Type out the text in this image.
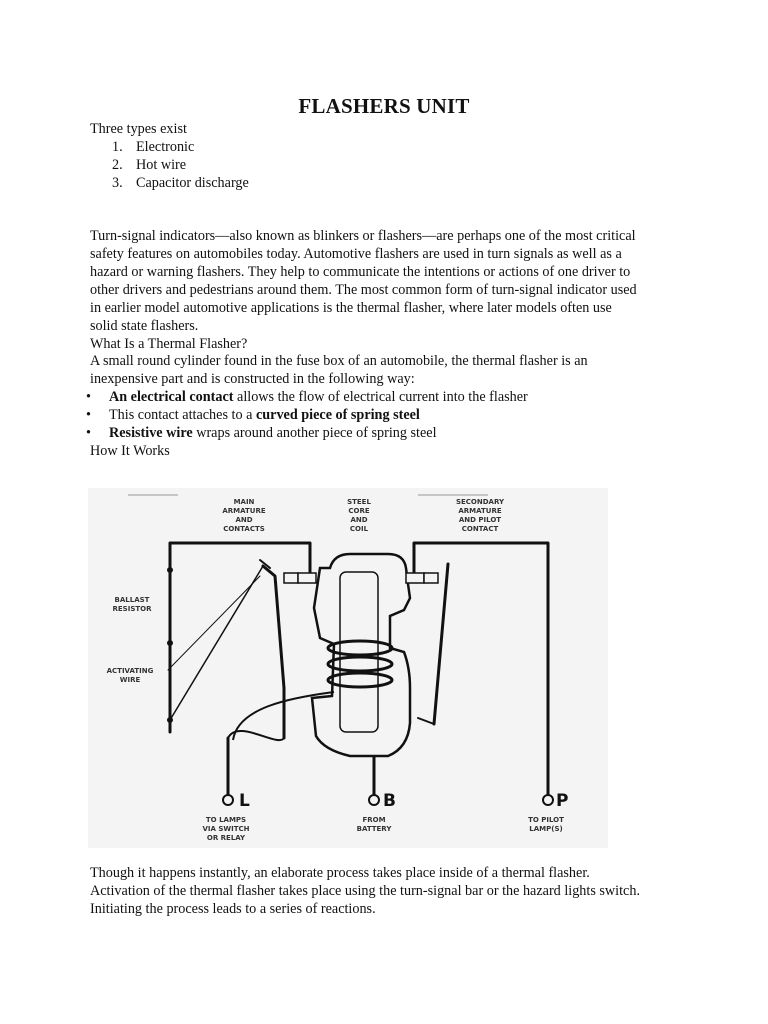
FLASHERS UNIT
Three types exist
1. Electronic
2. Hot wire
3. Capacitor discharge
Turn-signal indicators—also known as blinkers or flashers—are perhaps one of the most critical
safety features on automobiles today. Automotive flashers are used in turn signals as well as a
hazard or warning flashers. They help to communicate the intentions or actions of one driver to
other drivers and pedestrians around them. The most common form of turn-signal indicator used
in earlier model automotive applications is the thermal flasher, where later models often use
solid state flashers.
What Is a Thermal Flasher?
A small round cylinder found in the fuse box of an automobile, the thermal flasher is an
inexpensive part and is constructed in the following way:
• An electrical contact allows the flow of electrical current into the flasher
• This contact attaches to a curved piece of spring steel
• Resistive wire wraps around another piece of spring steel
How It Works
MAIN
ARMATURE
AND
CONTACTS
STEEL
CORE
AND
COIL
SECONDARY
ARMATURE
AND PILOT
CONTACT
BALLAST
RESISTOR
ACTIVATING
WIRE
L	B	P
TO LAMPS
VIA SWITCH
OR RELAY
FROM
BATTERY
TO PILOT
LAMP(S)
Though it happens instantly, an elaborate process takes place inside of a thermal flasher.
Activation of the thermal flasher takes place using the turn-signal bar or the hazard lights switch.
Initiating the process leads to a series of reactions.
